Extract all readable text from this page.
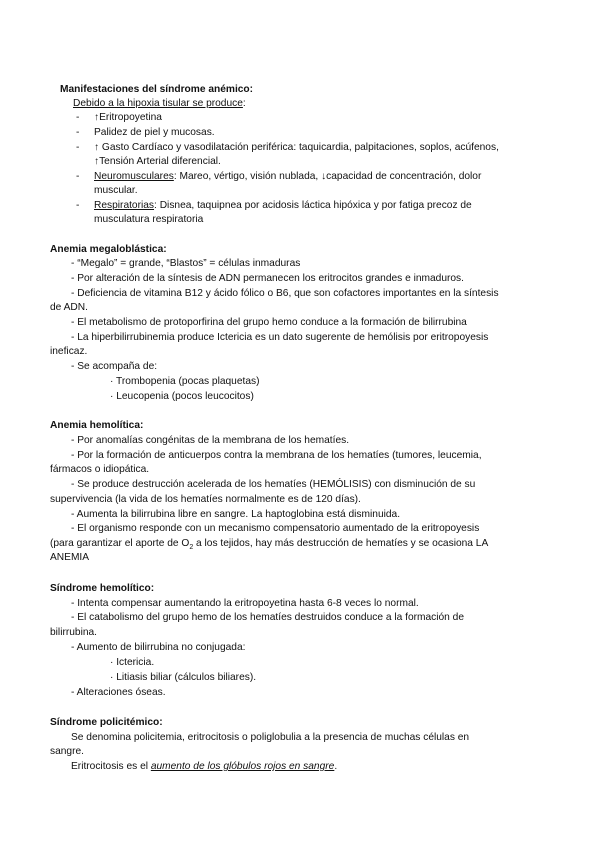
Manifestaciones del síndrome anémico:
Debido a la hipoxia tisular se produce:
-	↑Eritropoyetina
-	Palidez de piel y mucosas.
-	↑ Gasto Cardíaco y vasodilatación periférica: taquicardia, palpitaciones, soplos, acúfenos,
↑Tensión Arterial diferencial.
-	Neuromusculares: Mareo, vértigo, visión nublada, ↓capacidad de concentración, dolor
muscular.
-	Respiratorias: Disnea, taquipnea por acidosis láctica hipóxica y por fatiga precoz de
musculatura respiratoria
Anemia megaloblástica:
- “Megalo” = grande, “Blastos” = células inmaduras
- Por alteración de la síntesis de ADN permanecen los eritrocitos grandes e inmaduros.
- Deficiencia de vitamina B12 y ácido fólico o B6, que son cofactores importantes en la síntesis
de ADN.
- El metabolismo de protoporfirina del grupo hemo conduce a la formación de bilirrubina
- La hiperbilirrubinemia produce Ictericia es un dato sugerente de hemólisis por eritropoyesis
ineficaz.
- Se acompaña de:
· Trombopenia (pocas plaquetas)
· Leucopenia (pocos leucocitos)
Anemia hemolítica:
- Por anomalías congénitas de la membrana de los hematíes.
- Por la formación de anticuerpos contra la membrana de los hematíes (tumores, leucemia,
fármacos o idiopática.
- Se produce destrucción acelerada de los hematíes (HEMÓLISIS) con disminución de su
supervivencia (la vida de los hematíes normalmente es de 120 días).
- Aumenta la bilirrubina libre en sangre. La haptoglobina está disminuida.
- El organismo responde con un mecanismo compensatorio aumentado de la eritropoyesis
(para garantizar el aporte de $O_2$ a los tejidos, hay más destrucción de hematíes y se ocasiona LA
ANEMIA
Síndrome hemolítico:
- Intenta compensar aumentando la eritropoyetina hasta 6-8 veces lo normal.
- El catabolismo del grupo hemo de los hematíes destruidos conduce a la formación de
bilirrubina.
- Aumento de bilirrubina no conjugada:
· Ictericia.
· Litiasis biliar (cálculos biliares).
- Alteraciones óseas.
Síndrome policitémico:
Se denomina policitemia, eritrocitosis o poliglobulia a la presencia de muchas células en
sangre.
Eritrocitosis es el aumento de los glóbulos rojos en sangre.
